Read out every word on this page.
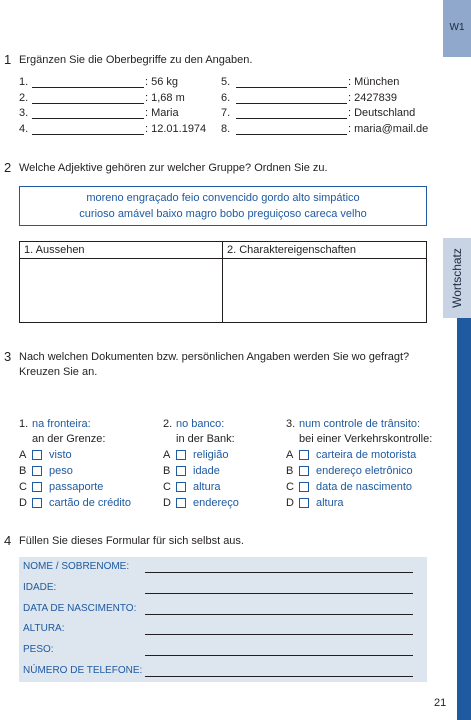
W1
Wortschatz
1 Ergänzen Sie die Oberbegriffe zu den Angaben.
1.	: 56 kg
2.	: 1,68 m
3.	: Maria
4.	: 12.01.1974
5.	: München
6.	: 2427839
7.	: Deutschland
8.	: maria@mail.de
2 Welche Adjektive gehören zur welcher Gruppe? Ordnen Sie zu.
moreno engraçado feio convencido gordo alto simpático
curioso amável baixo magro bobo preguiçoso careca velho
1. Aussehen	2. Charaktereigenschaften
3 Nach welchen Dokumenten bzw. persönlichen Angaben werden Sie wo gefragt?
Kreuzen Sie an.
1. na fronteira:
an der Grenze:
A visto
B peso
C passaporte
D cartão de crédito
2. no banco:
in der Bank:
A religião
B idade
C altura
D endereço
3. num controle de trânsito:
bei einer Verkehrskontrolle:
A carteira de motorista
B endereço eletrônico
C data de nascimento
D altura
4 Füllen Sie dieses Formular für sich selbst aus.
NOME / SOBRENOME:
IDADE:
DATA DE NASCIMENTO:
ALTURA:
PESO:
NÚMERO DE TELEFONE:
21
